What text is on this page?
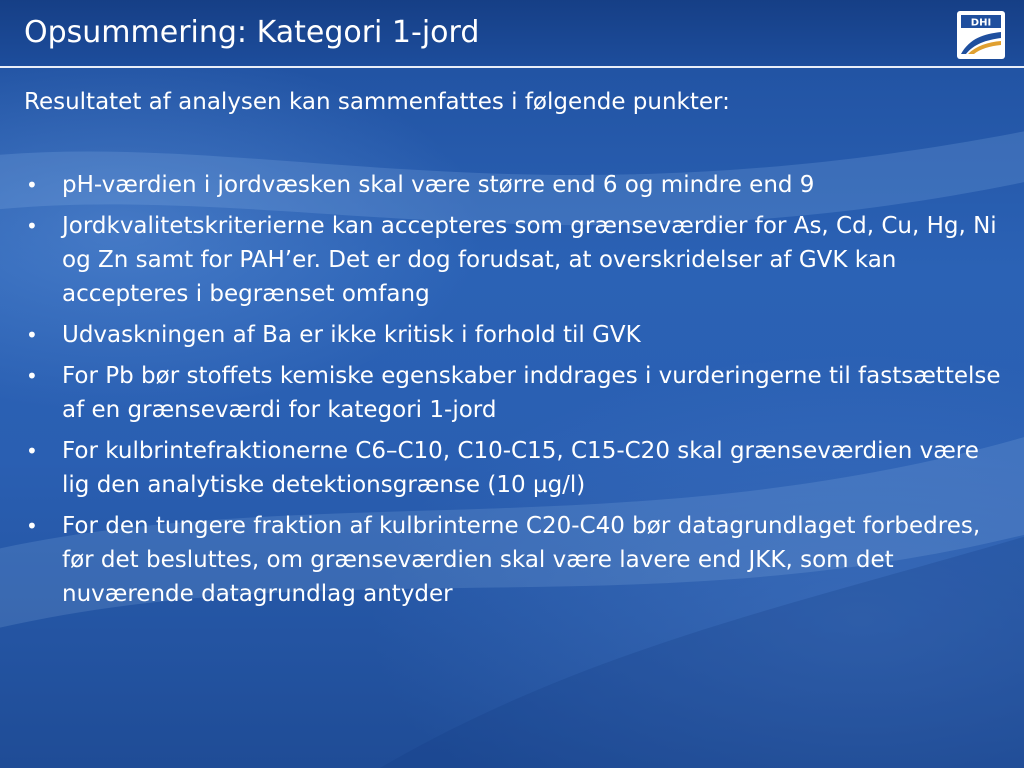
Opsummering: Kategori 1-jord	DHI

Resultatet af analysen kan sammenfattes i følgende punkter:

•	pH-værdien i jordvæsken skal være større end 6 og mindre end 9
•	Jordkvalitetskriterierne kan accepteres som grænseværdier for As, Cd, Cu, Hg, Ni og Zn samt for PAH’er. Det er dog forudsat, at overskridelser af GVK kan accepteres i begrænset omfang
•	Udvaskningen af Ba er ikke kritisk i forhold til GVK
•	For Pb bør stoffets kemiske egenskaber inddrages i vurderingerne til fastsættelse af en grænseværdi for kategori 1-jord
•	For kulbrintefraktionerne C6–C10, C10-C15, C15-C20 skal grænseværdien være lig den analytiske detektionsgrænse (10 µg/l)
•	For den tungere fraktion af kulbrinterne C20-C40 bør datagrundlaget forbedres, før det besluttes, om grænseværdien skal være lavere end JKK, som det nuværende datagrundlag antyder
